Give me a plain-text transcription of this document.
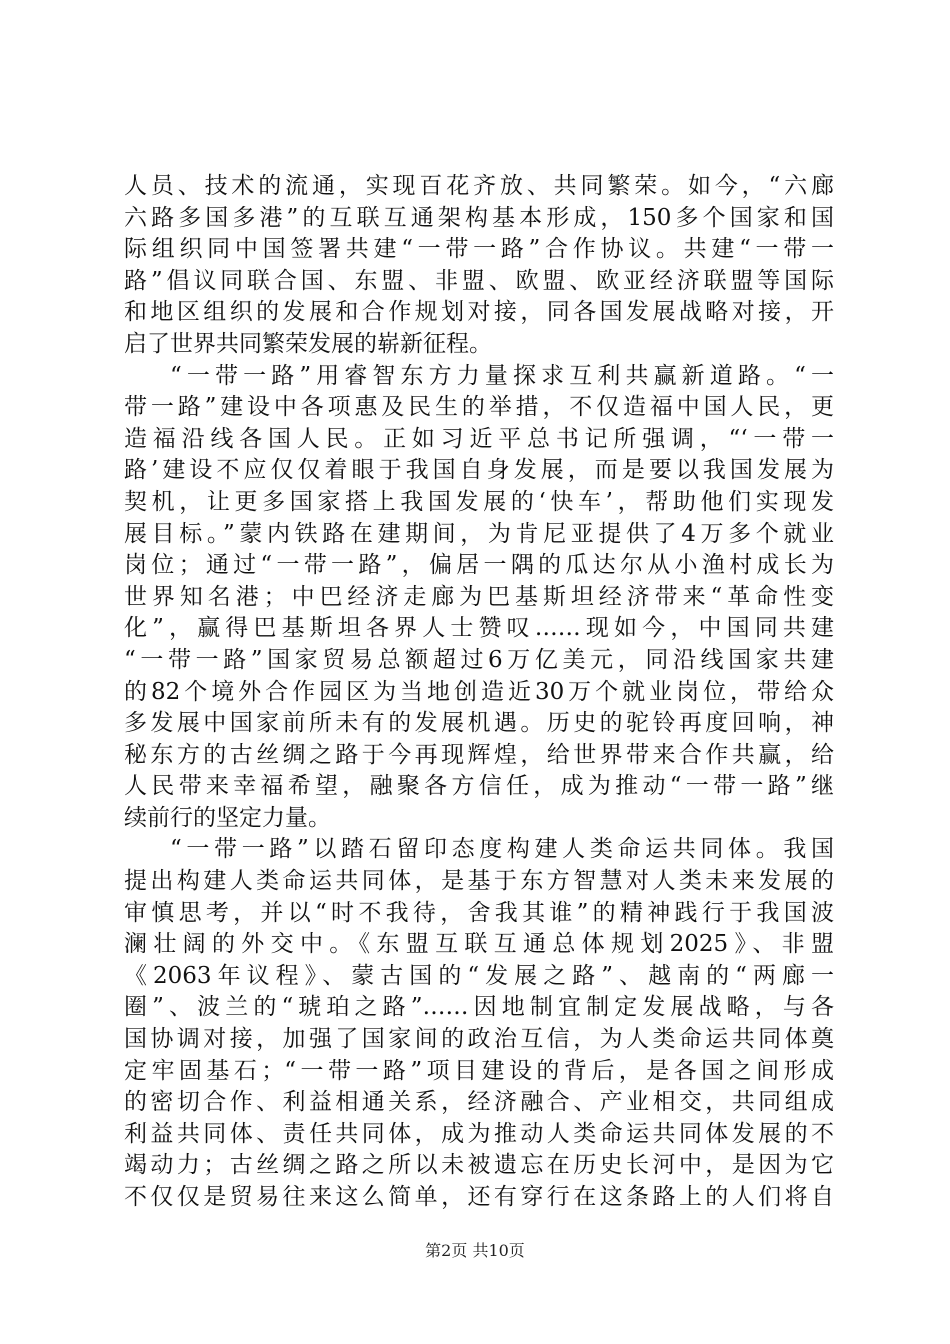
人员、技术的流通，实现百花齐放、共同繁荣。如今，“六廊
六路多国多港”的互联互通架构基本形成，150多个国家和国
际组织同中国签署共建“一带一路”合作协议。共建“一带一
路”倡议同联合国、东盟、非盟、欧盟、欧亚经济联盟等国际
和地区组织的发展和合作规划对接，同各国发展战略对接，开
启了世界共同繁荣发展的崭新征程。
“一带一路”用睿智东方力量探求互利共赢新道路。“一
带一路”建设中各项惠及民生的举措，不仅造福中国人民，更
造福沿线各国人民。正如习近平总书记所强调，“‘一带一
路’建设不应仅仅着眼于我国自身发展，而是要以我国发展为
契机，让更多国家搭上我国发展的‘快车’，帮助他们实现发
展目标。”蒙内铁路在建期间，为肯尼亚提供了4万多个就业
岗位；通过“一带一路”，偏居一隅的瓜达尔从小渔村成长为
世界知名港；中巴经济走廊为巴基斯坦经济带来“革命性变
化”，赢得巴基斯坦各界人士赞叹……现如今，中国同共建
“一带一路”国家贸易总额超过6万亿美元，同沿线国家共建
的82个境外合作园区为当地创造近30万个就业岗位，带给众
多发展中国家前所未有的发展机遇。历史的驼铃再度回响，神
秘东方的古丝绸之路于今再现辉煌，给世界带来合作共赢，给
人民带来幸福希望，融聚各方信任，成为推动“一带一路”继
续前行的坚定力量。
“一带一路”以踏石留印态度构建人类命运共同体。我国
提出构建人类命运共同体，是基于东方智慧对人类未来发展的
审慎思考，并以“时不我待，舍我其谁”的精神践行于我国波
澜壮阔的外交中。《东盟互联互通总体规划2025》、非盟
《2063年议程》、蒙古国的“发展之路”、越南的“两廊一
圈”、波兰的“琥珀之路”……因地制宜制定发展战略，与各
国协调对接，加强了国家间的政治互信，为人类命运共同体奠
定牢固基石；“一带一路”项目建设的背后，是各国之间形成
的密切合作、利益相通关系，经济融合、产业相交，共同组成
利益共同体、责任共同体，成为推动人类命运共同体发展的不
竭动力；古丝绸之路之所以未被遗忘在历史长河中，是因为它
不仅仅是贸易往来这么简单，还有穿行在这条路上的人们将自
第2页 共10页
